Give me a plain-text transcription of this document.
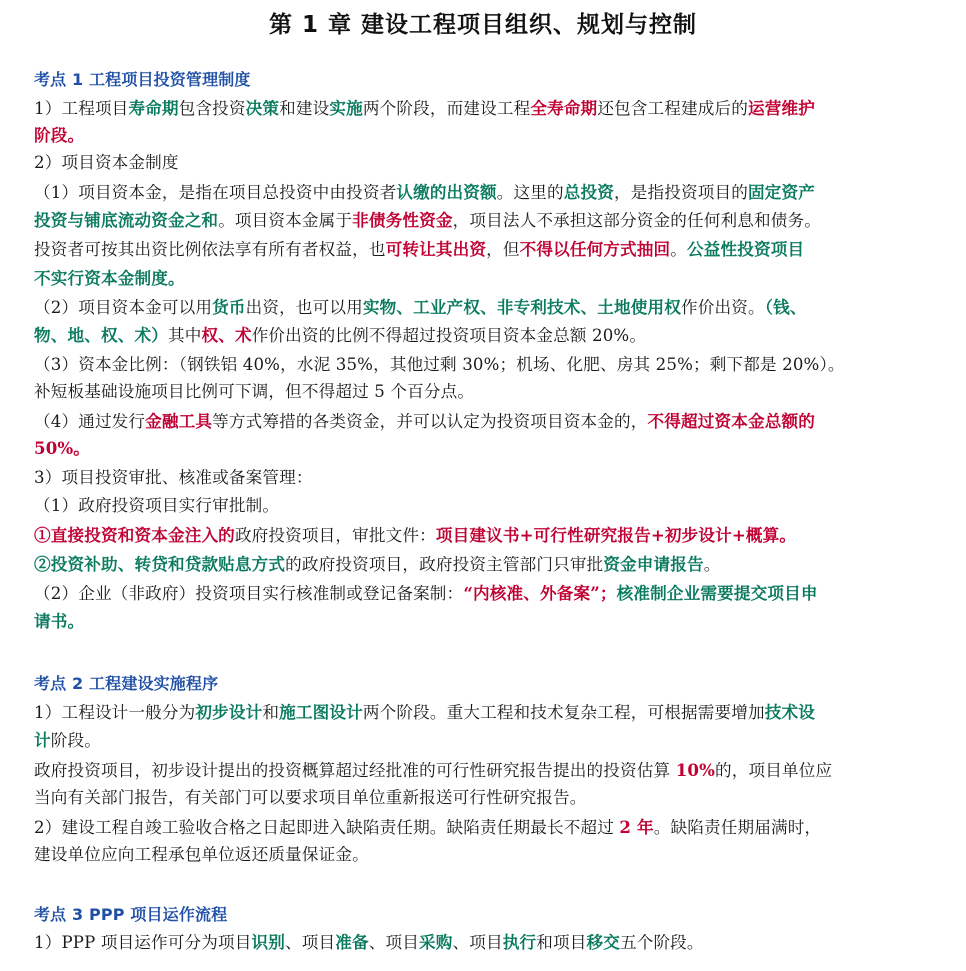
第 1 章 建设工程项目组织、规划与控制
考点 1 工程项目投资管理制度
1）工程项目寿命期包含投资决策和建设实施两个阶段，而建设工程全寿命期还包含工程建成后的运营维护
阶段。
2）项目资本金制度
（1）项目资本金，是指在项目总投资中由投资者认缴的出资额。这里的总投资，是指投资项目的固定资产
投资与铺底流动资金之和。项目资本金属于非债务性资金，项目法人不承担这部分资金的任何利息和债务。
投资者可按其出资比例依法享有所有者权益，也可转让其出资，但不得以任何方式抽回。公益性投资项目
不实行资本金制度。
（2）项目资本金可以用货币出资，也可以用实物、工业产权、非专利技术、土地使用权作价出资。（钱、
物、地、权、术）其中权、术作价出资的比例不得超过投资项目资本金总额 20%。
（3）资本金比例：（钢铁铝 40%，水泥 35%，其他过剩 30%；机场、化肥、房其 25%；剩下都是 20%）。
补短板基础设施项目比例可下调，但不得超过 5 个百分点。
（4）通过发行金融工具等方式筹措的各类资金，并可以认定为投资项目资本金的，不得超过资本金总额的
50%。
3）项目投资审批、核准或备案管理：
（1）政府投资项目实行审批制。
①直接投资和资本金注入的政府投资项目，审批文件：项目建议书+可行性研究报告+初步设计+概算。
②投资补助、转贷和贷款贴息方式的政府投资项目，政府投资主管部门只审批资金申请报告。
（2）企业（非政府）投资项目实行核准制或登记备案制：“内核准、外备案”；核准制企业需要提交项目申
请书。
考点 2 工程建设实施程序
1）工程设计一般分为初步设计和施工图设计两个阶段。重大工程和技术复杂工程，可根据需要增加技术设
计阶段。
政府投资项目，初步设计提出的投资概算超过经批准的可行性研究报告提出的投资估算 10%的，项目单位应
当向有关部门报告，有关部门可以要求项目单位重新报送可行性研究报告。
2）建设工程自竣工验收合格之日起即进入缺陷责任期。缺陷责任期最长不超过 2 年。缺陷责任期届满时，
建设单位应向工程承包单位返还质量保证金。
考点 3 PPP 项目运作流程
1）PPP 项目运作可分为项目识别、项目准备、项目采购、项目执行和项目移交五个阶段。
